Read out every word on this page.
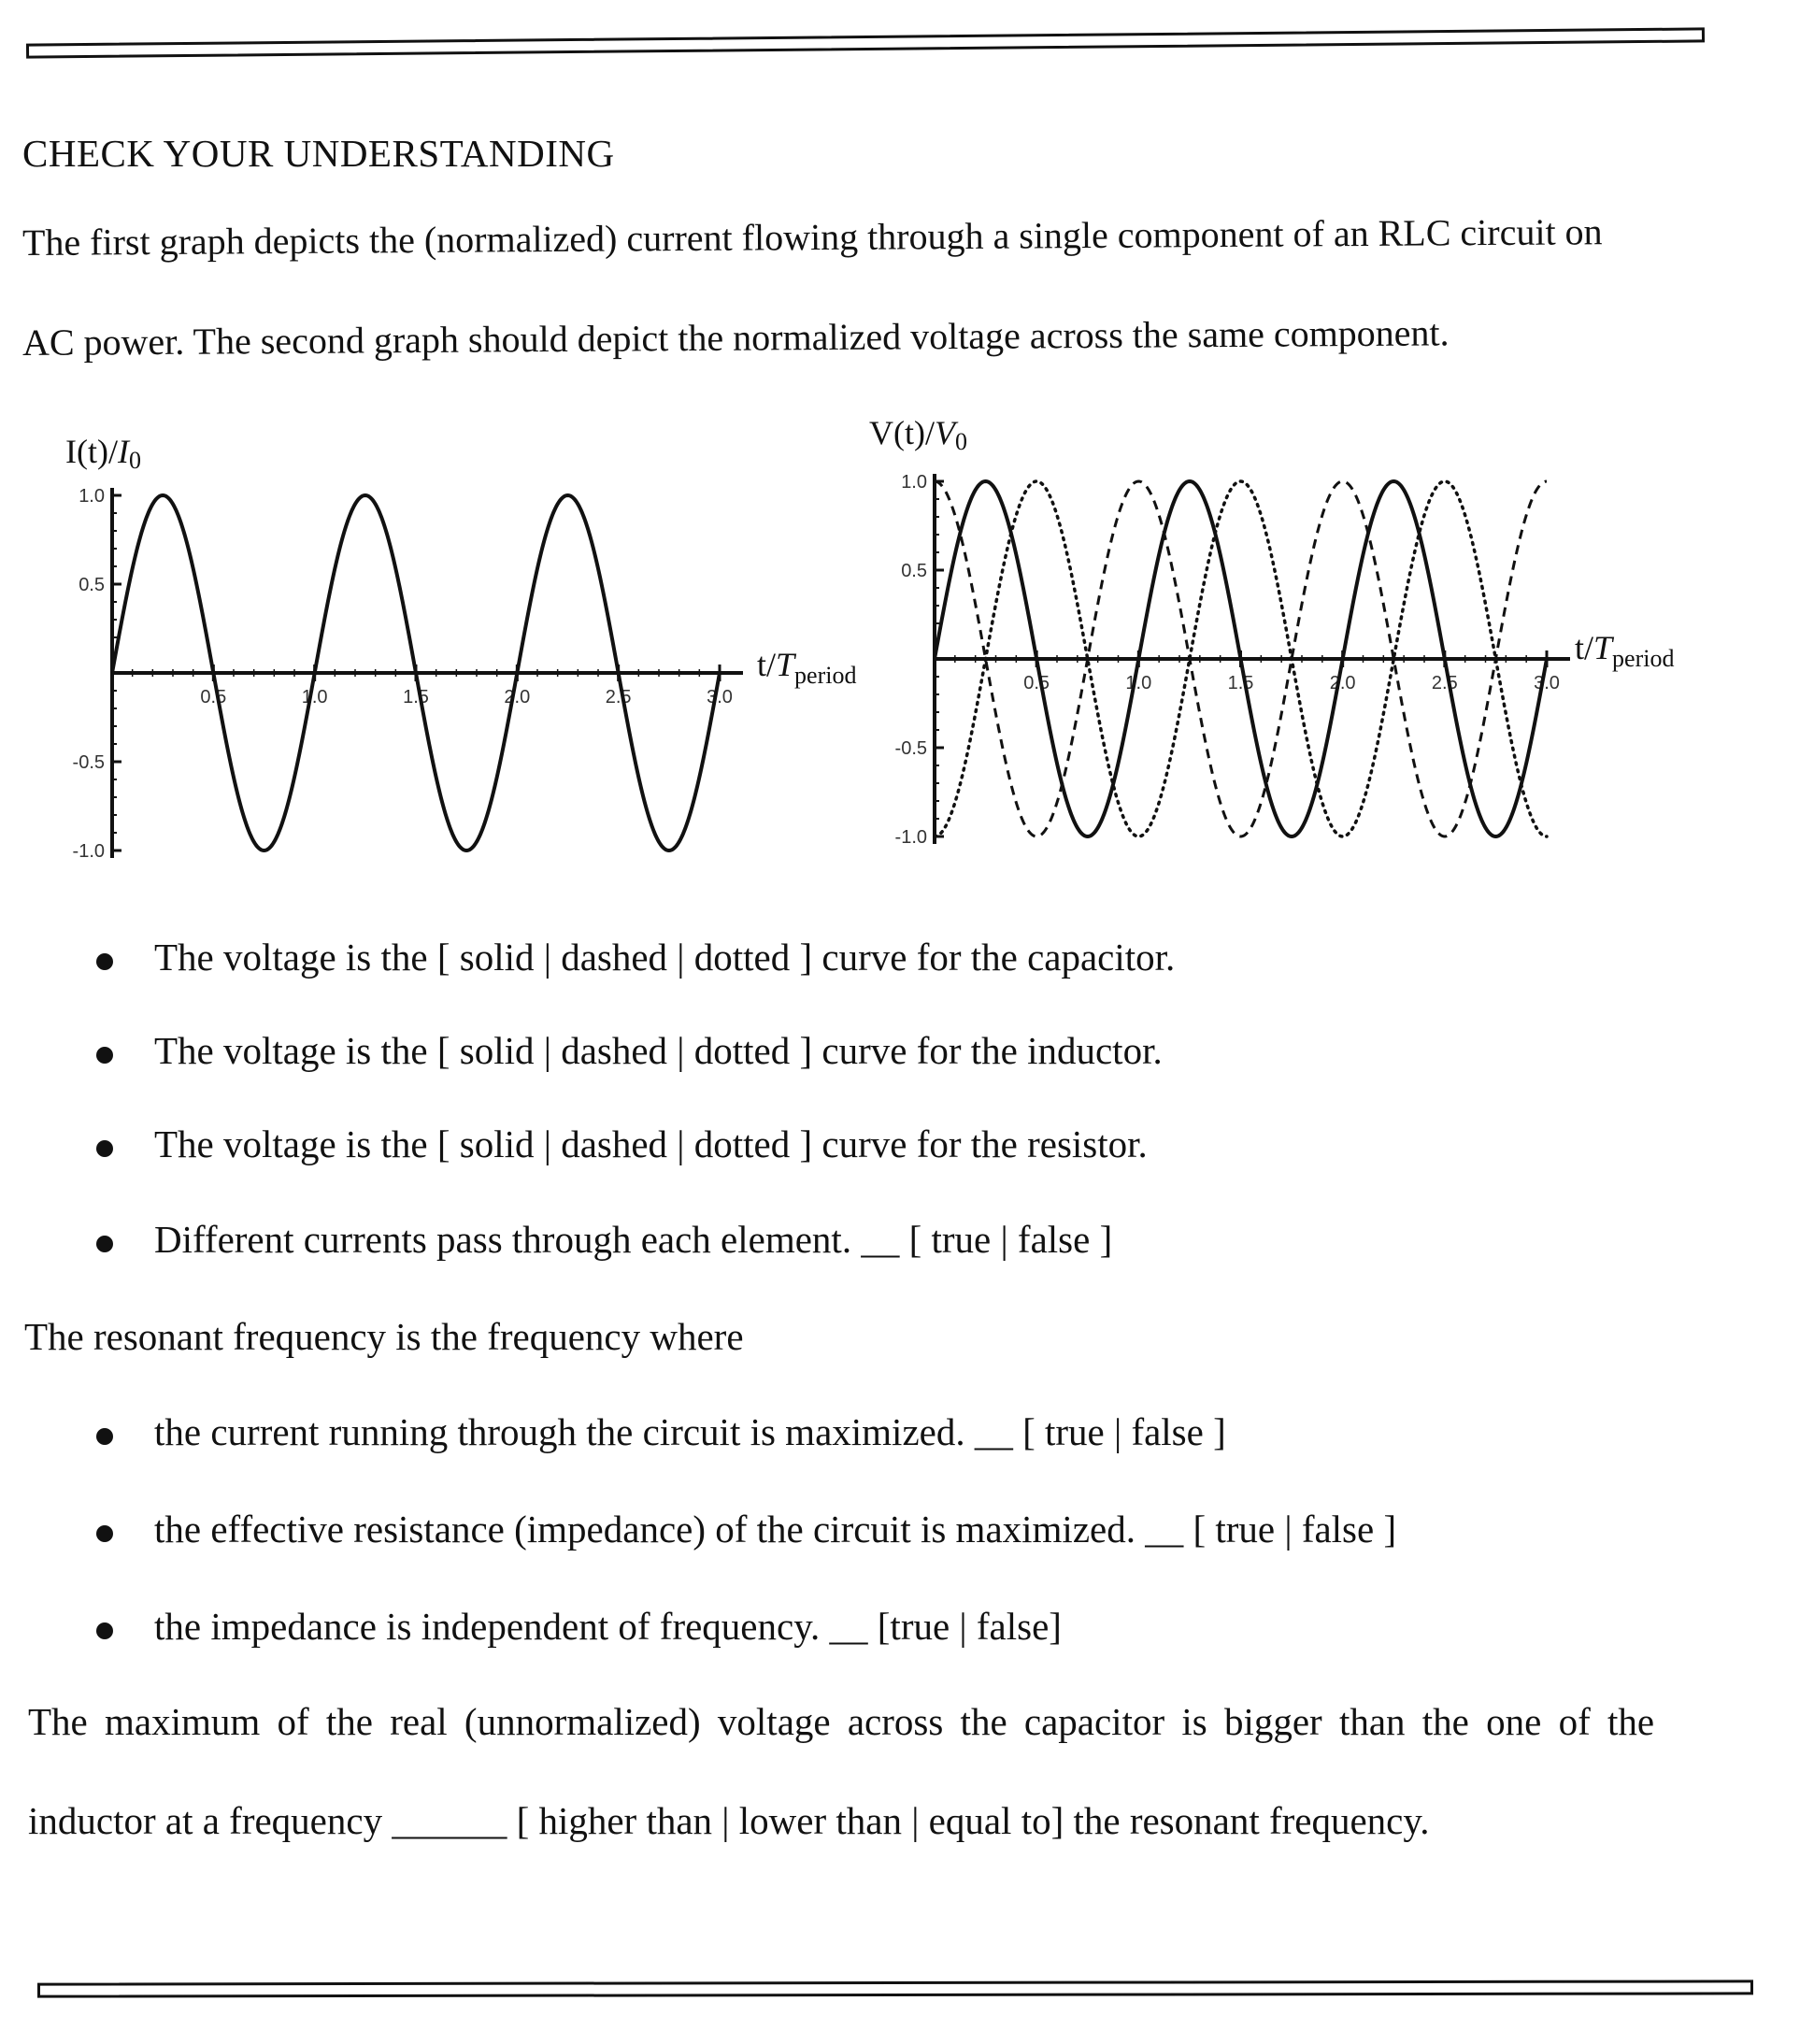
CHECK YOUR UNDERSTANDING
The first graph depicts the (normalized) current flowing through a single component of an RLC circuit on
AC power. The second graph should depict the normalized voltage across the same component.
1.0
0.5
-0.5
-1.0
0.5	1.0	1.5	2.0	2.5	3.0
I(t)/I0
$t/T_{period}$
1.0
0.5
-0.5
-1.0
0.5	1.0	1.5	2.0	2.5	3.0
V(t)/V0
$t/T_{period}$
The voltage is the [ solid | dashed | dotted ] curve for the capacitor.
The voltage is the [ solid | dashed | dotted ] curve for the inductor.
The voltage is the [ solid | dashed | dotted ] curve for the resistor.
Different currents pass through each element. __ [ true | false ]
The resonant frequency is the frequency where
the current running through the circuit is maximized. __ [ true | false ]
the effective resistance (impedance) of the circuit is maximized. __ [ true | false ]
the impedance is independent of frequency. __ [true | false]
The maximum of the real (unnormalized) voltage across the capacitor is bigger than the one of the
inductor at a frequency ______ [ higher than | lower than | equal to] the resonant frequency.
